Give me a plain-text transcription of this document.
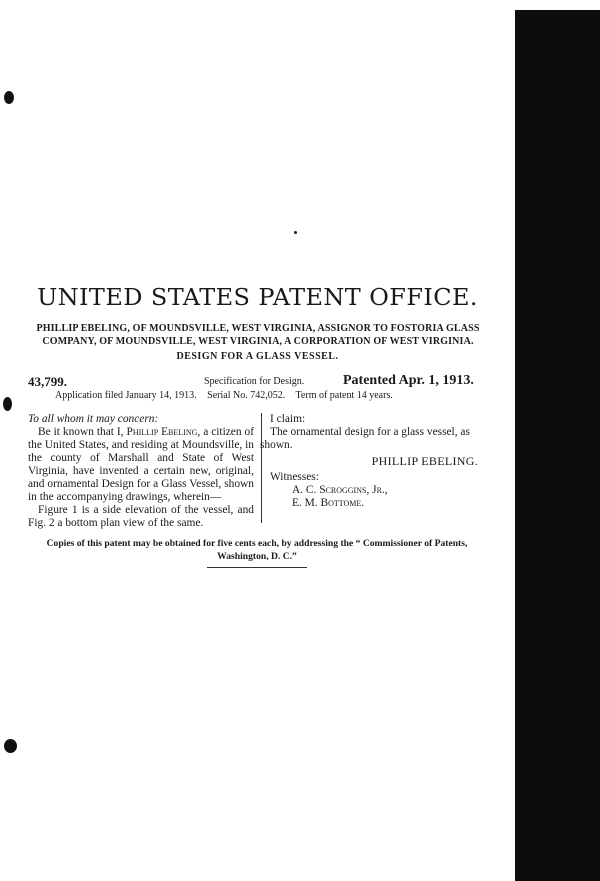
UNITED STATES PATENT OFFICE.
PHILLIP EBELING, OF MOUNDSVILLE, WEST VIRGINIA, ASSIGNOR TO FOSTORIA GLASS
COMPANY, OF MOUNDSVILLE, WEST VIRGINIA, A CORPORATION OF WEST VIRGINIA.
DESIGN FOR A GLASS VESSEL.
43,799.	Specification for Design.	Patented Apr. 1, 1913.
Application filed January 14, 1913. Serial No. 742,052. Term of patent 14 years.

To all whom it may concern:

Be it known that I, Phillip Ebeling, a citizen of the United States, and residing at Moundsville, in the county of Marshall and State of West Virginia, have invented a certain new, original, and ornamental Design for a Glass Vessel, shown in the accompanying drawings, wherein—

Figure 1 is a side elevation of the vessel, and Fig. 2 a bottom plan view of the same.

I claim:

The ornamental design for a glass vessel, as shown.

PHILLIP EBELING.

Witnesses:

A. C. Scroggins, Jr.,

E. M. Bottome.

Copies of this patent may be obtained for five cents each, by addressing the “ Commissioner of Patents,
Washington, D. C.”
